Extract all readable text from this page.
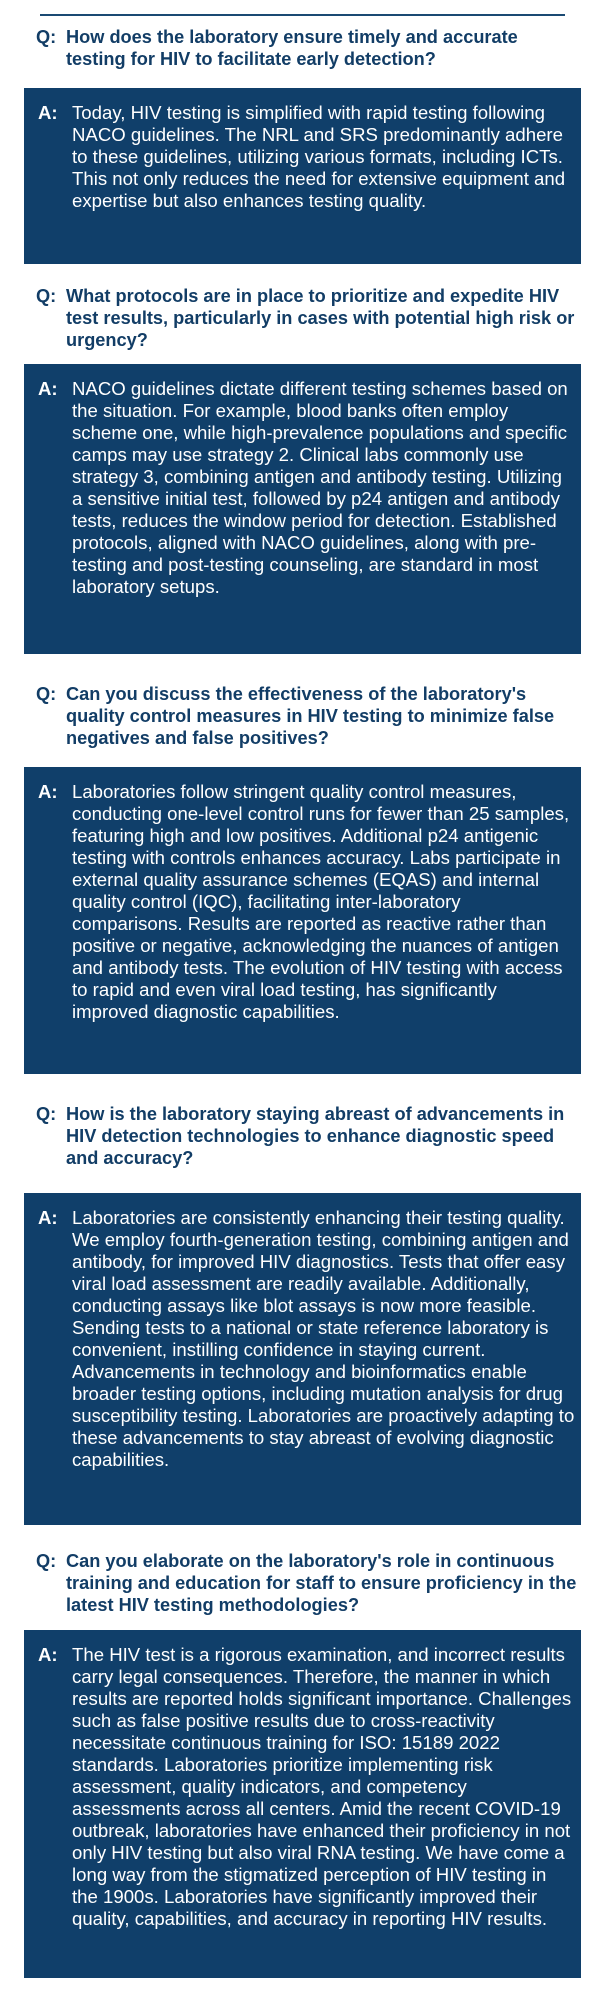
Q: How does the laboratory ensure timely and accurate testing for HIV to facilitate early detection?
A: Today, HIV testing is simplified with rapid testing following NACO guidelines. The NRL and SRS predominantly adhere to these guidelines, utilizing various formats, including ICTs. This not only reduces the need for extensive equipment and expertise but also enhances testing quality.
Q: What protocols are in place to prioritize and expedite HIV test results, particularly in cases with potential high risk or urgency?
A: NACO guidelines dictate different testing schemes based on the situation. For example, blood banks often employ scheme one, while high-prevalence populations and specific camps may use strategy 2. Clinical labs commonly use strategy 3, combining antigen and antibody testing. Utilizing a sensitive initial test, followed by p24 antigen and antibody tests, reduces the window period for detection. Established protocols, aligned with NACO guidelines, along with pre-testing and post-testing counseling, are standard in most laboratory setups.
Q: Can you discuss the effectiveness of the laboratory's quality control measures in HIV testing to minimize false negatives and false positives?
A: Laboratories follow stringent quality control measures, conducting one-level control runs for fewer than 25 samples, featuring high and low positives. Additional p24 antigenic testing with controls enhances accuracy. Labs participate in external quality assurance schemes (EQAS) and internal quality control (IQC), facilitating inter-laboratory comparisons. Results are reported as reactive rather than positive or negative, acknowledging the nuances of antigen and antibody tests. The evolution of HIV testing with access to rapid and even viral load testing, has significantly improved diagnostic capabilities.
Q: How is the laboratory staying abreast of advancements in HIV detection technologies to enhance diagnostic speed and accuracy?
A: Laboratories are consistently enhancing their testing quality. We employ fourth-generation testing, combining antigen and antibody, for improved HIV diagnostics. Tests that offer easy viral load assessment are readily available. Additionally, conducting assays like blot assays is now more feasible. Sending tests to a national or state reference laboratory is convenient, instilling confidence in staying current. Advancements in technology and bioinformatics enable broader testing options, including mutation analysis for drug susceptibility testing. Laboratories are proactively adapting to these advancements to stay abreast of evolving diagnostic capabilities.
Q: Can you elaborate on the laboratory's role in continuous training and education for staff to ensure proficiency in the latest HIV testing methodologies?
A: The HIV test is a rigorous examination, and incorrect results carry legal consequences. Therefore, the manner in which results are reported holds significant importance. Challenges such as false positive results due to cross-reactivity necessitate continuous training for ISO: 15189 2022 standards. Laboratories prioritize implementing risk assessment, quality indicators, and competency assessments across all centers. Amid the recent COVID-19 outbreak, laboratories have enhanced their proficiency in not only HIV testing but also viral RNA testing. We have come a long way from the stigmatized perception of HIV testing in the 1900s. Laboratories have significantly improved their quality, capabilities, and accuracy in reporting HIV results.
